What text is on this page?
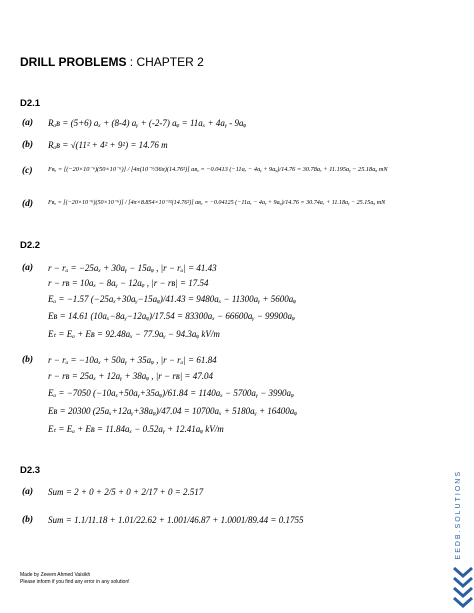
DRILL PROBLEMS : CHAPTER 2
D2.1
(a) Rₐʙ = (5+6) aₓ + (8-4) aᵧ + (-2-7) aᵩ = 11aₓ + 4aᵧ - 9aᵩ
(b) Rₐʙ = √(11² + 4² + 9²) = 14.76 m
(c) Fʙₐ = [(−20×10⁻⁶)(50×10⁻⁶)] / [4π(10⁻⁹/36π)(14.76²)] aʙₐ = −0.0413 (−11aₓ − 4aᵧ + 9aᵩ)/14.76 = 30.78aₓ + 11.195aᵧ − 25.18aᵩ mN
(d) Fʙₐ = [(−20×10⁻⁶)(50×10⁻⁶)] / [4π×8.854×10⁻¹²(14.76²)] aʙₐ = −0.04125 (−11aₓ − 4aᵧ + 9aᵩ)/14.76 = 30.74aₓ + 11.18aᵧ − 25.15aᵩ mN
D2.2
(a) r − rₐ = −25aₓ + 30aᵧ − 15aᵩ , |r − rₐ| = 41.43
r − rʙ = 10aₓ − 8aᵧ − 12aᵩ , |r − rʙ| = 17.54
Eₐ = −1.57 (−25aₓ+30aᵧ−15aᵩ)/41.43 = 9480aₓ − 11300aᵧ + 5600aᵩ
Eʙ = 14.61 (10aₓ−8aᵧ−12aᵩ)/17.54 = 83300aₓ − 66600aᵧ − 99900aᵩ
Eₜ = Eₐ + Eʙ = 92.48aₓ − 77.9aᵧ − 94.3aᵩ kV/m
(b) r − rₐ = −10aₓ + 50aᵧ + 35aᵩ , |r − rₐ| = 61.84
r − rʙ = 25aₓ + 12aᵧ + 38aᵩ , |r − rʙ| = 47.04
Eₐ = −7050 (−10aₓ+50aᵧ+35aᵩ)/61.84 = 1140aₓ − 5700aᵧ − 3990aᵩ
Eʙ = 20300 (25aₓ+12aᵧ+38aᵩ)/47.04 = 10700aₓ + 5180aᵧ + 16400aᵩ
Eₜ = Eₐ + Eʙ = 11.84aₓ − 0.52aᵧ + 12.41aᵩ kV/m
D2.3
(a) Sum = 2 + 0 + 2/5 + 0 + 2/17 + 0 = 2.517
(b) Sum = 1.1/11.18 + 1.01/22.62 + 1.001/46.87 + 1.0001/89.44 = 0.1755
Made by Zeeem Ahmed Vaisikh
Please inform if you find any error in any solution!
EEDB.SOLUTIONS
